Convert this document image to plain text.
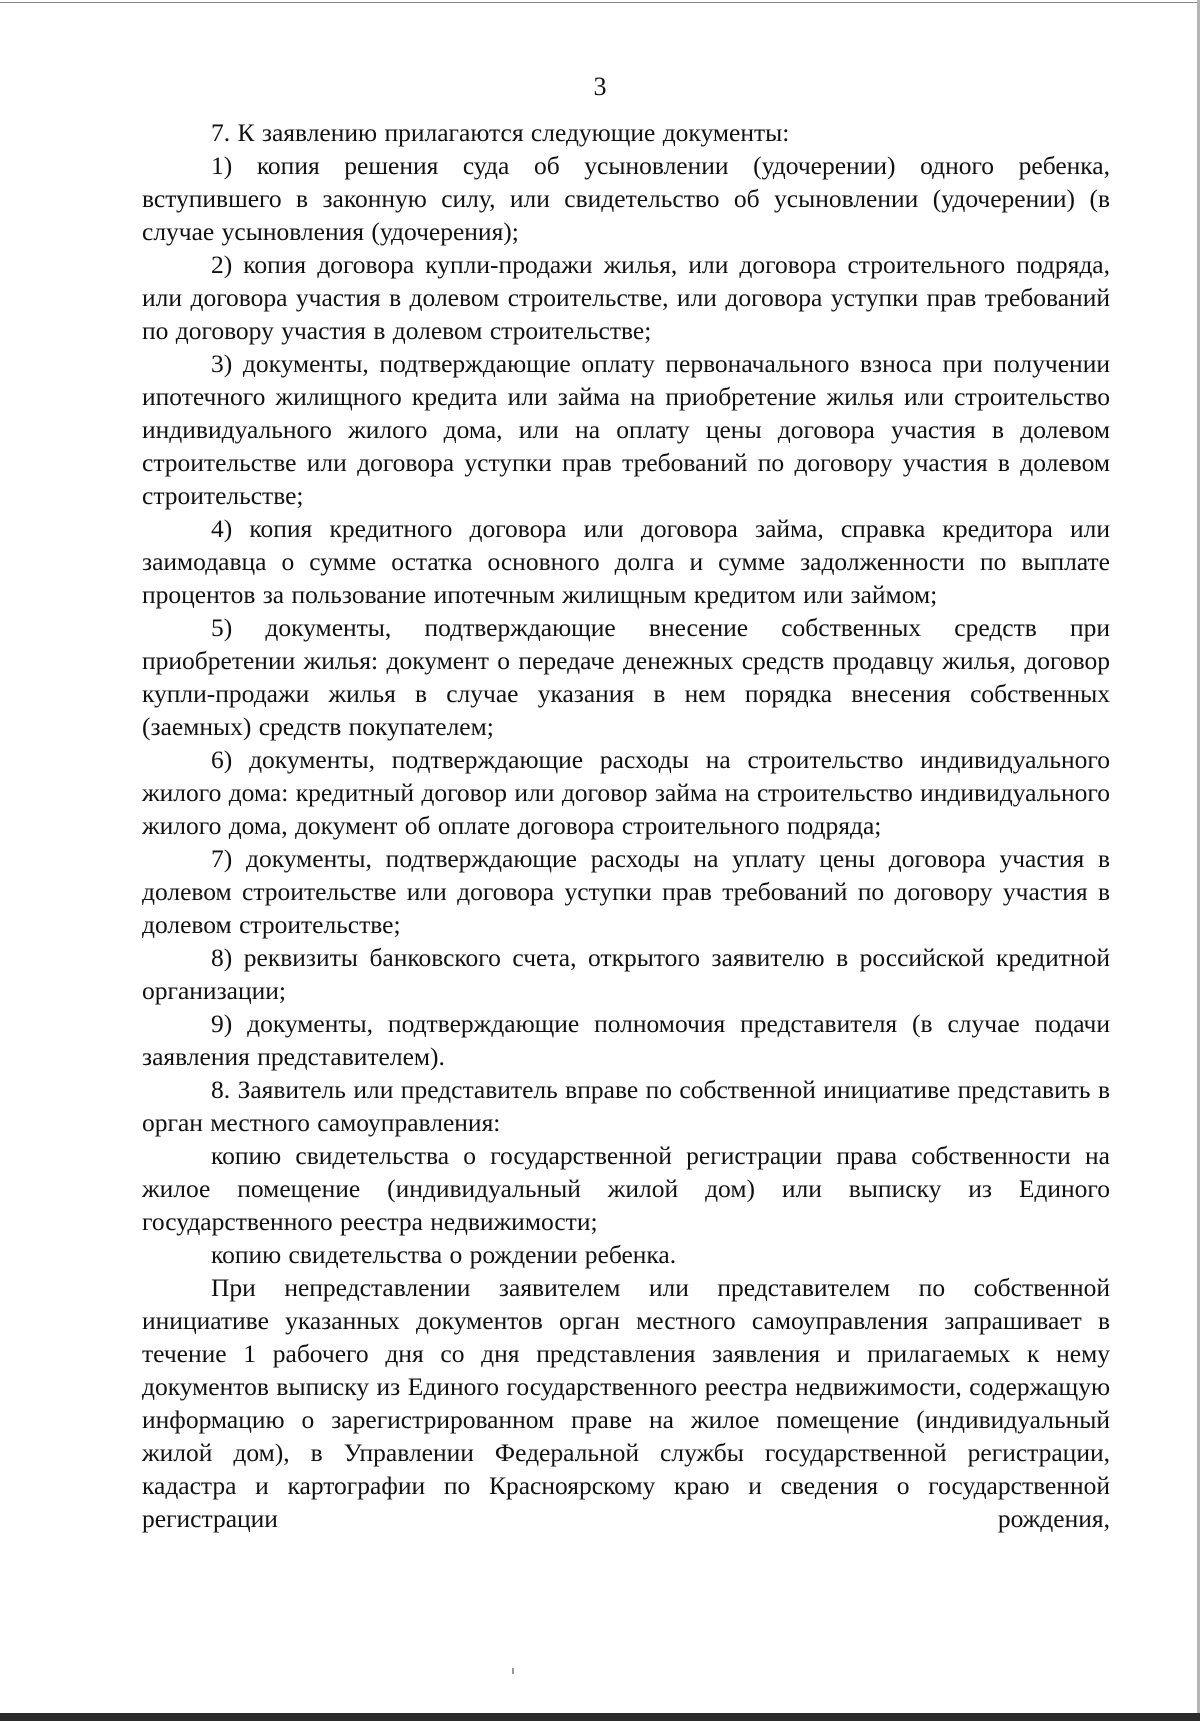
3

7. К заявлению прилагаются следующие документы:

1) копия решения суда об усыновлении (удочерении) одного ребенка, вступившего в законную силу, или свидетельство об усыновлении (удочерении) (в случае усыновления (удочерения);

2) копия договора купли-продажи жилья, или договора строительного подряда, или договора участия в долевом строительстве, или договора уступки прав требований по договору участия в долевом строительстве;

3) документы, подтверждающие оплату первоначального взноса при получении ипотечного жилищного кредита или займа на приобретение жилья или строительство индивидуального жилого дома, или на оплату цены договора участия в долевом строительстве или договора уступки прав требований по договору участия в долевом строительстве;

4) копия кредитного договора или договора займа, справка кредитора или заимодавца о сумме остатка основного долга и сумме задолженности по выплате процентов за пользование ипотечным жилищным кредитом или займом;

5) документы, подтверждающие внесение собственных средств при приобретении жилья: документ о передаче денежных средств продавцу жилья, договор купли-продажи жилья в случае указания в нем порядка внесения собственных (заемных) средств покупателем;

6) документы, подтверждающие расходы на строительство индивидуального жилого дома: кредитный договор или договор займа на строительство индивидуального жилого дома, документ об оплате договора строительного подряда;

7) документы, подтверждающие расходы на уплату цены договора участия в долевом строительстве или договора уступки прав требований по договору участия в долевом строительстве;

8) реквизиты банковского счета, открытого заявителю в российской кредитной организации;

9) документы, подтверждающие полномочия представителя (в случае подачи заявления представителем).

8. Заявитель или представитель вправе по собственной инициативе представить в орган местного самоуправления:

копию свидетельства о государственной регистрации права собственности на жилое помещение (индивидуальный жилой дом) или выписку из Единого государственного реестра недвижимости;

копию свидетельства о рождении ребенка.

При непредставлении заявителем или представителем по собственной инициативе указанных документов орган местного самоуправления запрашивает в течение 1 рабочего дня со дня представления заявления и прилагаемых к нему документов выписку из Единого государственного реестра недвижимости, содержащую информацию о зарегистрированном праве на жилое помещение (индивидуальный жилой дом), в Управлении Федеральной службы государственной регистрации, кадастра и картографии по Красноярскому краю и сведения о государственной регистрации рождения,
